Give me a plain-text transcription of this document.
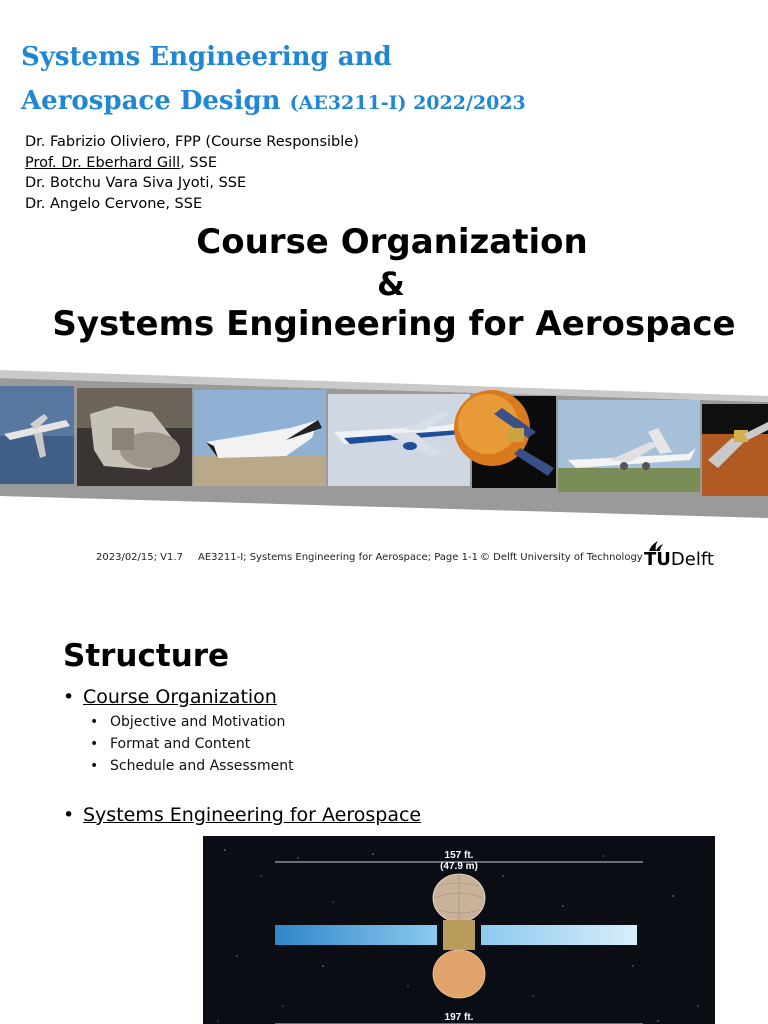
Systems Engineering and
Aerospace Design (AE3211-I) 2022/2023
Dr. Fabrizio Oliviero, FPP (Course Responsible)
Prof. Dr. Eberhard Gill, SSE
Dr. Botchu Vara Siva Jyoti, SSE
Dr. Angelo Cervone, SSE
Course Organization
&
Systems Engineering for Aerospace
2023/02/15; V1.7 AE3211-I; Systems Engineering for Aerospace; Page 1-1 © Delft University of Technology TUDelft
Structure
• Course Organization
• Objective and Motivation
• Format and Content
• Schedule and Assessment
• Systems Engineering for Aerospace
157 ft.
(47.9 m)
197 ft.
